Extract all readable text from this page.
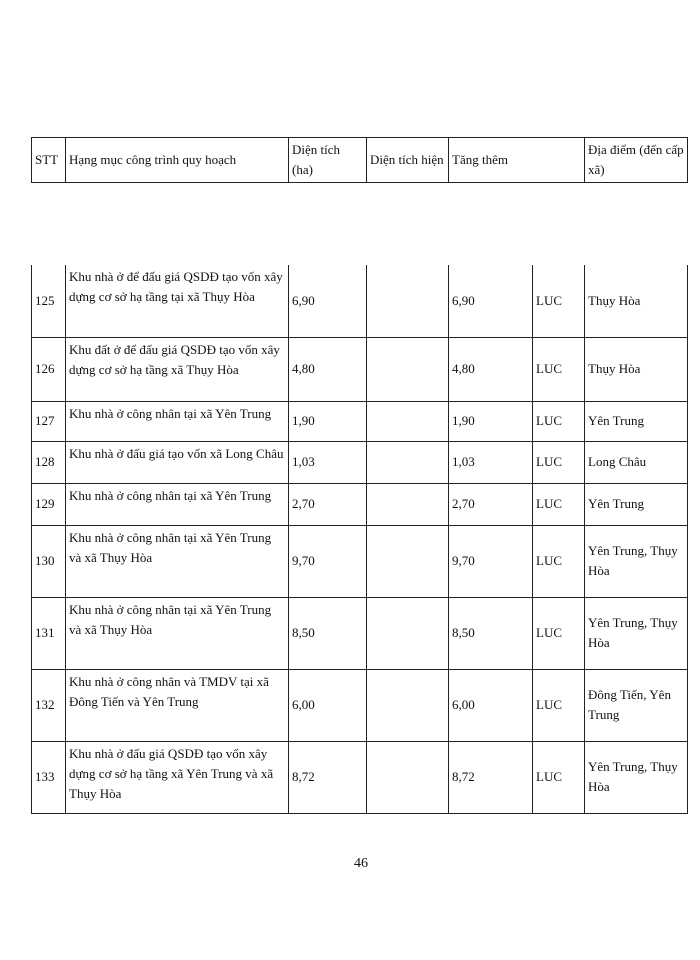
STT	Hạng mục công trình quy hoạch	Diện tích (ha)	Diện tích hiện	Tăng thêm	Địa điểm (đến cấp xã)
125	Khu nhà ở để đấu giá QSDĐ tạo vốn xây dựng cơ sở hạ tầng tại xã Thụy Hòa	6,90		6,90	LUC	Thụy Hòa
126	Khu đất ở để đấu giá QSDĐ tạo vốn xây dựng cơ sở hạ tầng xã Thụy Hòa	4,80		4,80	LUC	Thụy Hòa
127	Khu nhà ở công nhân tại xã Yên Trung	1,90		1,90	LUC	Yên Trung
128	Khu nhà ở đấu giá tạo vốn xã Long Châu	1,03		1,03	LUC	Long Châu
129	Khu nhà ở công nhân tại xã Yên Trung	2,70		2,70	LUC	Yên Trung
130	Khu nhà ở công nhân tại xã Yên Trung và xã Thụy Hòa	9,70		9,70	LUC	Yên Trung, Thụy Hòa
131	Khu nhà ở công nhân tại xã Yên Trung và xã Thụy Hòa	8,50		8,50	LUC	Yên Trung, Thụy Hòa
132	Khu nhà ở công nhân và TMDV tại xã Đông Tiến và Yên Trung	6,00		6,00	LUC	Đông Tiến, Yên Trung
133	Khu nhà ở đấu giá QSDĐ tạo vốn xây dựng cơ sở hạ tầng xã Yên Trung và xã Thụy Hòa	8,72		8,72	LUC	Yên Trung, Thụy Hòa
46
